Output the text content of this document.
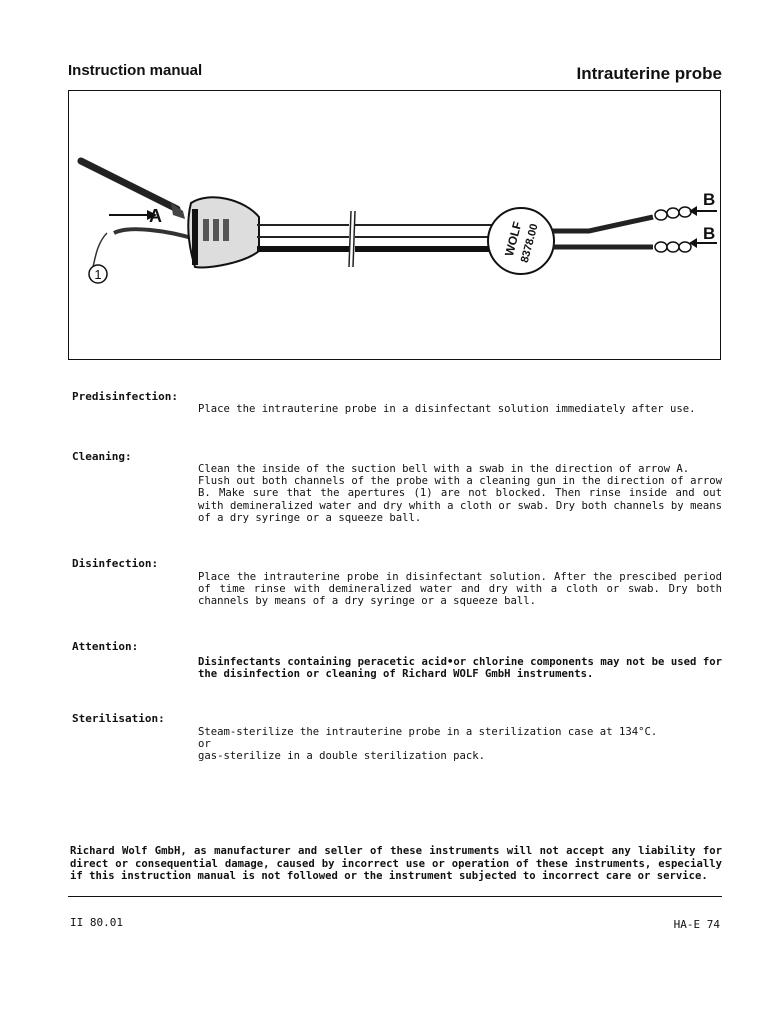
Instruction manual	Intrauterine probe
A
1
WOLF
8378.00
B
B
Predisinfection:

Place the intrauterine probe in a disinfectant solution immediately after use.

Cleaning:

Clean the inside of the suction bell with a swab in the direction of arrow A.

Flush out both channels of the probe with a cleaning gun in the direction of arrow B. Make sure that the apertures (1) are not blocked. Then rinse inside and out with demineralized water and dry whith a cloth or swab. Dry both channels by means of a dry syringe or a squeeze ball.

Disinfection:

Place the intrauterine probe in disinfectant solution. After the prescibed period of time rinse with demineralized water and dry with a cloth or swab. Dry both channels by means of a dry syringe or a squeeze ball.

Attention:

Disinfectants containing peracetic acid•or chlorine components may not be used for the disinfection or cleaning of Richard WOLF GmbH instruments.

Sterilisation:

Steam-sterilize the intrauterine probe in a sterilization case at 134°C.

or

gas-sterilize in a double sterilization pack.

Richard Wolf GmbH, as manufacturer and seller of these instruments will not accept any liability for direct or consequential damage, caused by incorrect use or operation of these instruments, especially if this instruction manual is not followed or the instrument subjected to incorrect care or service.
II 80.01	HA-E 74
